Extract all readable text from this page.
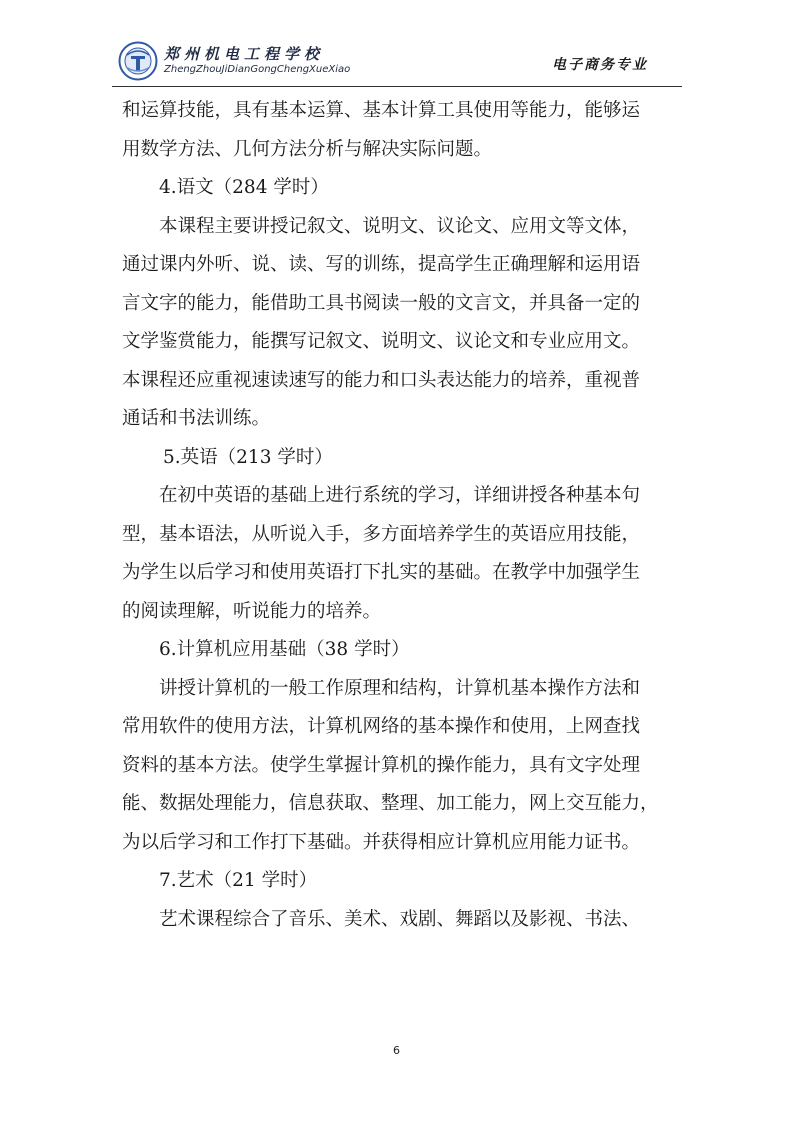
郑州机电工程学校
ZhengZhouJiDianGongChengXueXiao	电子商务专业

和运算技能，具有基本运算、基本计算工具使用等能力，能够运

用数学方法、几何方法分析与解决实际问题。

4.语文（284 学时）

本课程主要讲授记叙文、说明文、议论文、应用文等文体，

通过课内外听、说、读、写的训练，提高学生正确理解和运用语

言文字的能力，能借助工具书阅读一般的文言文，并具备一定的

文学鉴赏能力，能撰写记叙文、说明文、议论文和专业应用文。

本课程还应重视速读速写的能力和口头表达能力的培养，重视普

通话和书法训练。

5.英语（213 学时）

在初中英语的基础上进行系统的学习，详细讲授各种基本句

型，基本语法，从听说入手，多方面培养学生的英语应用技能，

为学生以后学习和使用英语打下扎实的基础。在教学中加强学生

的阅读理解，听说能力的培养。

6.计算机应用基础（38 学时）

讲授计算机的一般工作原理和结构，计算机基本操作方法和

常用软件的使用方法，计算机网络的基本操作和使用，上网查找

资料的基本方法。使学生掌握计算机的操作能力，具有文字处理

能、数据处理能力，信息获取、整理、加工能力，网上交互能力，

为以后学习和工作打下基础。并获得相应计算机应用能力证书。

7.艺术（21 学时）

艺术课程综合了音乐、美术、戏剧、舞蹈以及影视、书法、

6
